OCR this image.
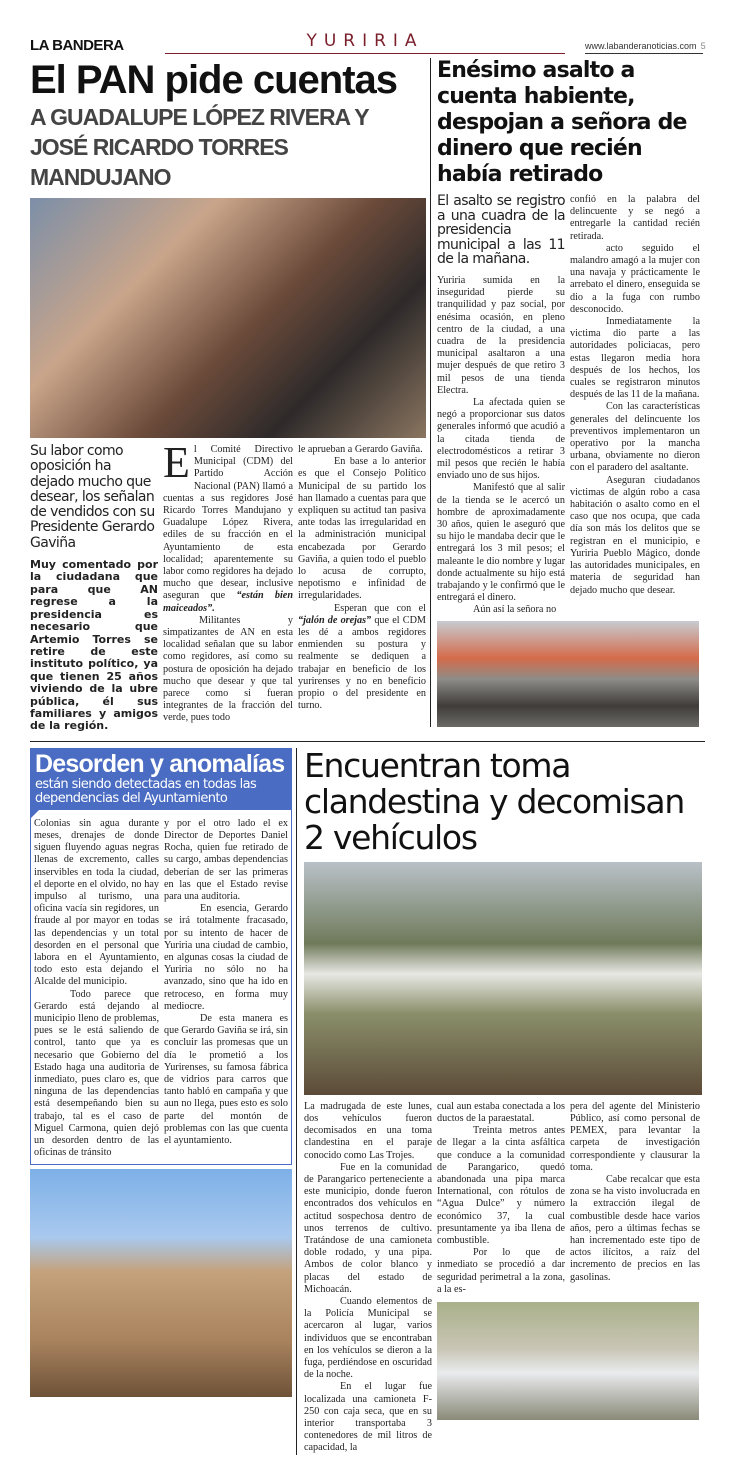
LA BANDERA	YURIRIA	www.labanderanoticias.com 5
El PAN pide cuentas
A GUADALUPE LÓPEZ RIVERA Y JOSÉ RICARDO TORRES MANDUJANO
Su labor como oposición ha dejado mucho que desear, los señalan de vendidos con su Presidente Gerardo Gaviña
Muy comentado por la ciudadana que para que AN regrese a la presidencia es necesario que Artemio Torres se retire de este instituto político, ya que tienen 25 años viviendo de la ubre pública, él sus familiares y amigos de la región.

El Comité Directivo Municipal (CDM) del Partido Acción Nacional (PAN) llamó a cuentas a sus regidores José Ricardo Torres Mandujano y Guadalupe López Rivera, ediles de su fracción en el Ayuntamiento de esta localidad; aparentemente su labor como regidores ha dejado mucho que desear, inclusive aseguran que “están bien maiceados”.

Militantes y simpatizantes de AN en esta localidad señalan que su labor como regidores, así como su postura de oposición ha dejado mucho que desear y que tal parece como si fueran integrantes de la fracción del verde, pues todo

le aprueban a Gerardo Gaviña.

En base a lo anterior es que el Consejo Político Municipal de su partido los han llamado a cuentas para que expliquen su actitud tan pasiva ante todas las irregularidad en la administración municipal encabezada por Gerardo Gaviña, a quien todo el pueblo lo acusa de corrupto, nepotismo e infinidad de irregularidades.

Esperan que con el “jalón de orejas” que el CDM les dé a ambos regidores enmienden su postura y realmente se dediquen a trabajar en beneficio de los yurirenses y no en beneficio propio o del presidente en turno.

Enésimo asalto a cuenta habiente, despojan a señora de dinero que recién había retirado
El asalto se registro a una cuadra de la presidencia municipal a las 11 de la mañana.

Yuriria sumida en la inseguridad pierde su tranquilidad y paz social, por enésima ocasión, en pleno centro de la ciudad, a una cuadra de la presidencia municipal asaltaron a una mujer después de que retiro 3 mil pesos de una tienda Electra.

La afectada quien se negó a proporcionar sus datos generales informó que acudió a la citada tienda de electrodomésticos a retirar 3 mil pesos que recién le había enviado uno de sus hijos.

Manifestó que al salir de la tienda se le acercó un hombre de aproximadamente 30 años, quien le aseguró que su hijo le mandaba decir que le entregará los 3 mil pesos; el maleante le dio nombre y lugar donde actualmente su hijo está trabajando y le confirmó que le entregará el dinero.

Aún así la señora no

confió en la palabra del delincuente y se negó a entregarle la cantidad recién retirada.

acto seguido el malandro amagó a la mujer con una navaja y prácticamente le arrebato el dinero, enseguida se dio a la fuga con rumbo desconocido.

Inmediatamente la victima dio parte a las autoridades policiacas, pero estas llegaron media hora después de los hechos, los cuales se registraron minutos después de las 11 de la mañana.

Con las características generales del delincuente los preventivos implementaron un operativo por la mancha urbana, obviamente no dieron con el paradero del asaltante.

Aseguran ciudadanos victimas de algún robo a casa habitación o asalto como en el caso que nos ocupa, que cada día son más los delitos que se registran en el municipio, e Yuriria Pueblo Mágico, donde las autoridades municipales, en materia de seguridad han dejado mucho que desear.

Desorden y anomalías
están siendo detectadas en todas las dependencias del Ayuntamiento

Colonias sin agua durante meses, drenajes de donde siguen fluyendo aguas negras llenas de excremento, calles inservibles en toda la ciudad, el deporte en el olvido, no hay impulso al turismo, una oficina vacía sin regidores, un fraude al por mayor en todas las dependencias y un total desorden en el personal que labora en el Ayuntamiento, todo esto esta dejando el Alcalde del municipio.

Todo parece que Gerardo está dejando al municipio lleno de problemas, pues se le está saliendo de control, tanto que ya es necesario que Gobierno del Estado haga una auditoria de inmediato, pues claro es, que ninguna de las dependencias está desempeñando bien su trabajo, tal es el caso de Miguel Carmona, quien dejó un desorden dentro de las oficinas de tránsito

y por el otro lado el ex Director de Deportes Daniel Rocha, quien fue retirado de su cargo, ambas dependencias deberían de ser las primeras en las que el Estado revise para una auditoria.

En esencia, Gerardo se irá totalmente fracasado, por su intento de hacer de Yuriria una ciudad de cambio, en algunas cosas la ciudad de Yuriria no sólo no ha avanzado, sino que ha ido en retroceso, en forma muy mediocre.

De esta manera es que Gerardo Gaviña se irá, sin concluir las promesas que un día le prometió a los Yurirenses, su famosa fábrica de vidrios para carros que tanto habló en campaña y que aun no llega, pues esto es solo parte del montón de problemas con las que cuenta el ayuntamiento.

Encuentran toma clandestina y decomisan 2 vehículos

La madrugada de este lunes, dos vehículos fueron decomisados en una toma clandestina en el paraje conocido como Las Trojes.

Fue en la comunidad de Parangarico perteneciente a este municipio, donde fueron encontrados dos vehículos en actitud sospechosa dentro de unos terrenos de cultivo. Tratándose de una camioneta doble rodado, y una pipa. Ambos de color blanco y placas del estado de Michoacán.

Cuando elementos de la Policía Municipal se acercaron al lugar, varios individuos que se encontraban en los vehículos se dieron a la fuga, perdiéndose en oscuridad de la noche.

En el lugar fue localizada una camioneta F-250 con caja seca, que en su interior transportaba 3 contenedores de mil litros de capacidad, la

cual aun estaba conectada a los ductos de la paraestatal.

Treinta metros antes de llegar a la cinta asfáltica que conduce a la comunidad de Parangarico, quedó abandonada una pipa marca International, con rótulos de “Agua Dulce” y número económico 37, la cual presuntamente ya iba llena de combustible.

Por lo que de inmediato se procedió a dar seguridad perimetral a la zona, a la es-

pera del agente del Ministerio Público, así como personal de PEMEX, para levantar la carpeta de investigación correspondiente y clausurar la toma.

Cabe recalcar que esta zona se ha visto involucrada en la extracción ilegal de combustible desde hace varios años, pero a últimas fechas se han incrementado este tipo de actos ilícitos, a raíz del incremento de precios en las gasolinas.
